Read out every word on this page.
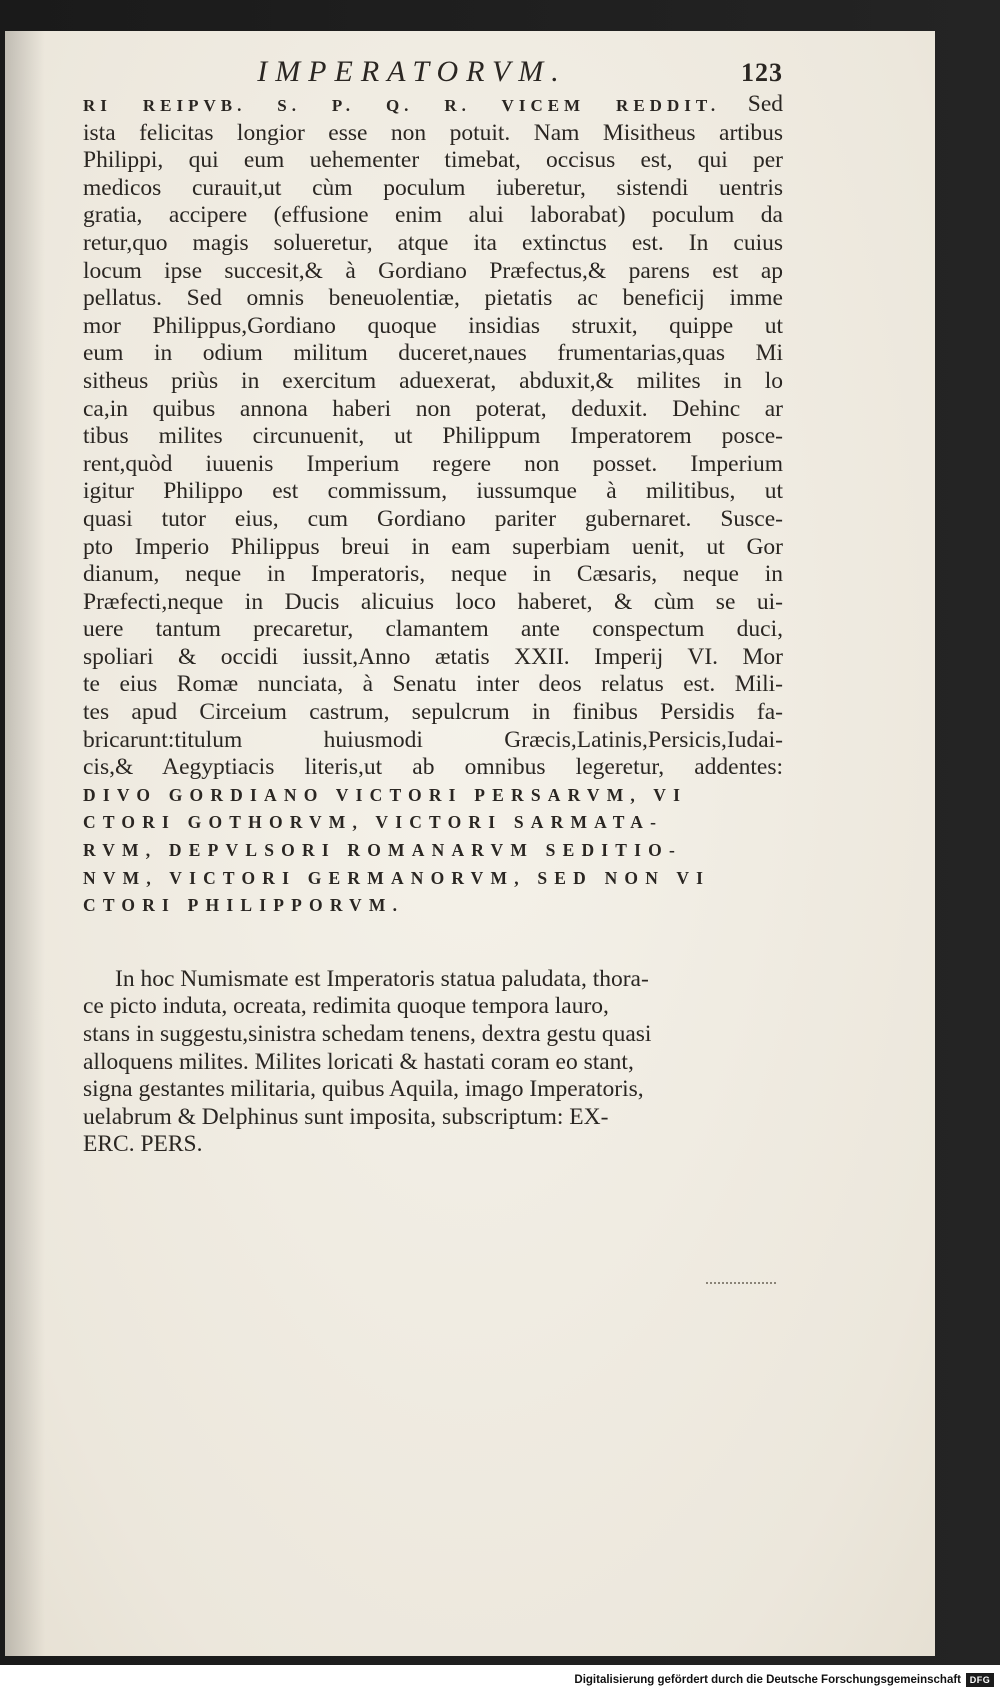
IMPERATORVM.	123
RI REIPVB. S. P. Q. R. VICEM REDDIT. Sed
ista felicitas longior esse non potuit. Nam Misitheus artibus
Philippi, qui eum uehementer timebat, occisus est, qui per
medicos curauit,ut cùm poculum iuberetur, sistendi uentris
gratia, accipere (effusione enim alui laborabat) poculum da
retur,quo magis solueretur, atque ita extinctus est. In cuius
locum ipse succesit,& à Gordiano Præfectus,& parens est ap
pellatus. Sed omnis beneuolentiæ, pietatis ac beneficij imme
mor Philippus,Gordiano quoque insidias struxit, quippe ut
eum in odium militum duceret,naues frumentarias,quas Mi
sitheus priùs in exercitum aduexerat, abduxit,& milites in lo
ca,in quibus annona haberi non poterat, deduxit. Dehinc ar
tibus milites circunuenit, ut Philippum Imperatorem posce-
rent,quòd iuuenis Imperium regere non posset. Imperium
igitur Philippo est commissum, iussumque à militibus, ut
quasi tutor eius, cum Gordiano pariter gubernaret. Susce-
pto Imperio Philippus breui in eam superbiam uenit, ut Gor
dianum, neque in Imperatoris, neque in Cæsaris, neque in
Præfecti,neque in Ducis alicuius loco haberet, & cùm se ui-
uere tantum precaretur, clamantem ante conspectum duci,
spoliari & occidi iussit,Anno ætatis XXII. Imperij VI. Mor
te eius Romæ nunciata, à Senatu inter deos relatus est. Mili-
tes apud Circeium castrum, sepulcrum in finibus Persidis fa-
bricarunt:titulum huiusmodi Græcis,Latinis,Persicis,Iudai-
cis,& Aegyptiacis literis,ut ab omnibus legeretur, addentes:
DIVO GORDIANO VICTORI PERSARVM, VI
CTORI GOTHORVM, VICTORI SARMATA-
RVM, DEPVLSORI ROMANARVM SEDITIO-
NVM, VICTORI GERMANORVM, SED NON VI
CTORI PHILIPPORVM.
In hoc Numismate est Imperatoris statua paludata, thora-
ce picto induta, ocreata, redimita quoque tempora lauro,
stans in suggestu,sinistra schedam tenens, dextra gestu quasi
alloquens milites. Milites loricati & hastati coram eo stant,
signa gestantes militaria, quibus Aquila, imago Imperatoris,
uelabrum & Delphinus sunt imposita, subscriptum: EX-
ERC. PERS.
Digitalisierung gefördert durch die Deutsche Forschungsgemeinschaft DFG
